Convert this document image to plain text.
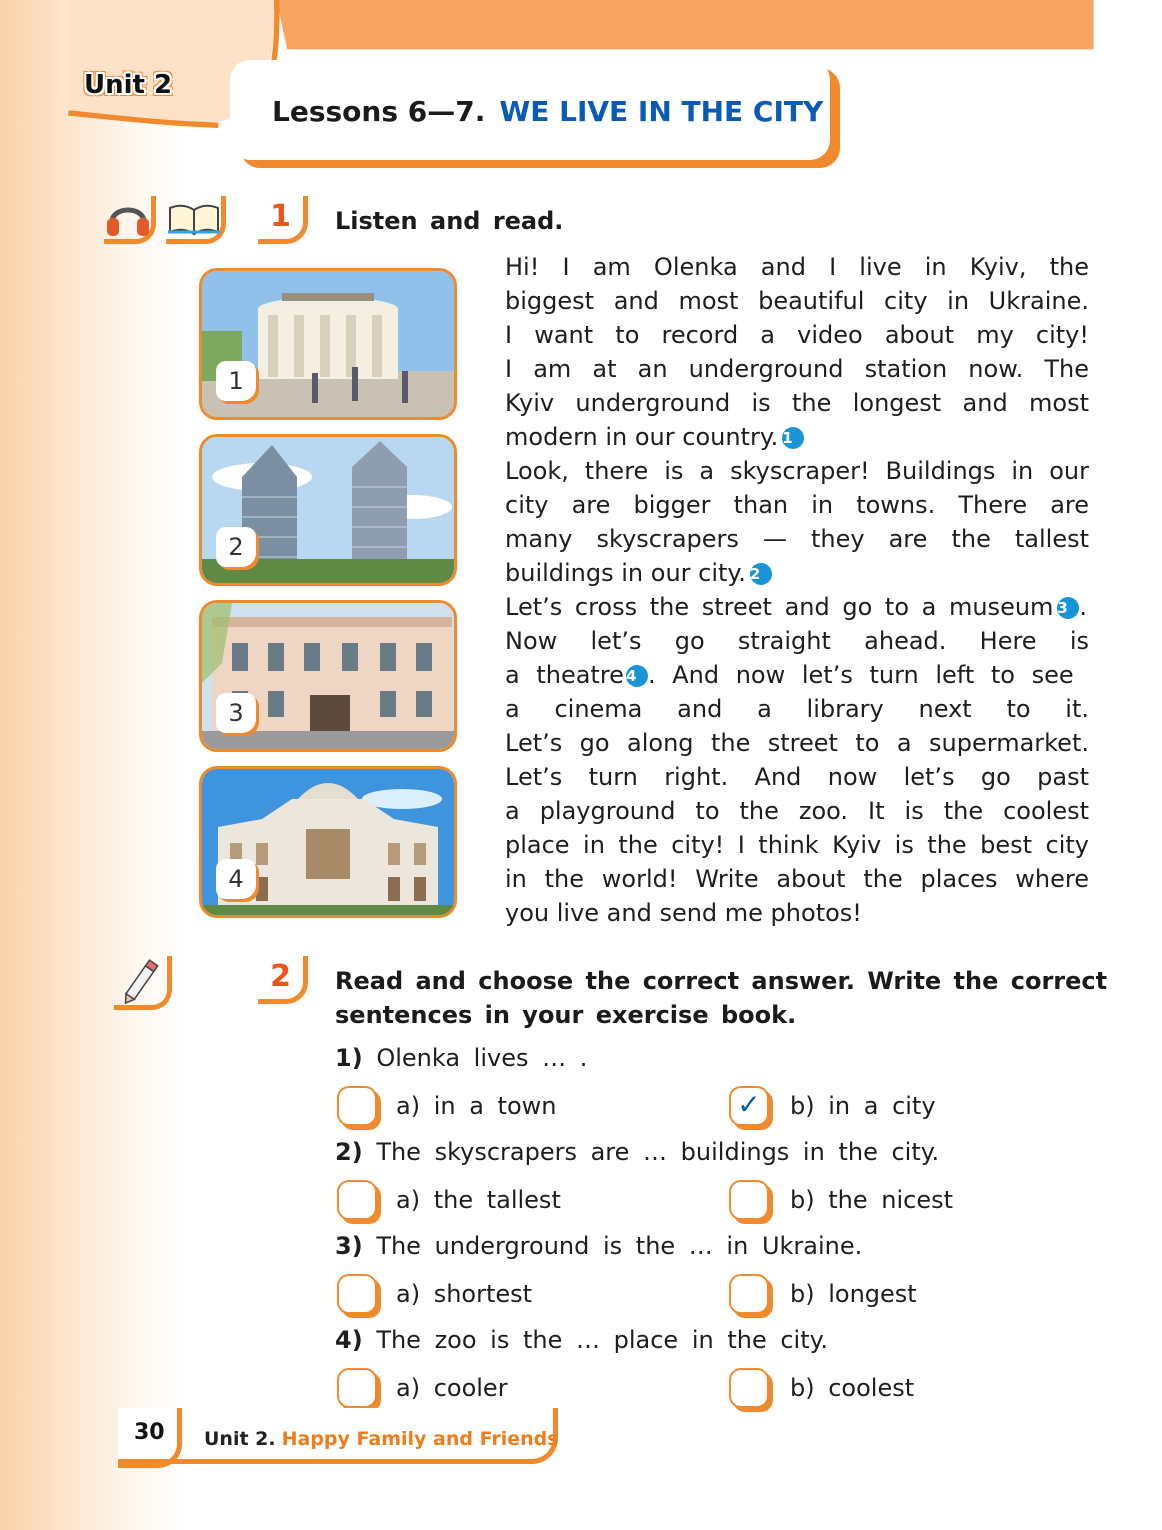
Unit 2
Lessons 6—7. WE LIVE IN THE CITY
1	Listen and read.
1
2
3
4
Hi! I am Olenka and I live in Kyiv, the
biggest and most beautiful city in Ukraine.
I want to record a video about my city!
I am at an underground station now. The
Kyiv underground is the longest and most
modern in our country. 1
Look, there is a skyscraper! Buildings in our
city are bigger than in towns. There are
many skyscrapers — they are the tallest
buildings in our city. 2
Let’s cross the street and go to a museum 3 .
Now let’s go straight ahead. Here is
a theatre 4 . And now let’s turn left to see
a cinema and a library next to it.
Let’s go along the street to a supermarket.
Let’s turn right. And now let’s go past
a playground to the zoo. It is the coolest
place in the city! I think Kyiv is the best city
in the world! Write about the places where
you live and send me photos!
2	Read and choose the correct answer. Write the correct
sentences in your exercise book.
1) Olenka lives … .
a) in a town	✓	b) in a city
2) The skyscrapers are … buildings in the city.
a) the tallest	b) the nicest
3) The underground is the … in Ukraine.
a) shortest	b) longest
4) The zoo is the … place in the city.
a) cooler	b) coolest
30 Unit 2. Happy Family and Friends
